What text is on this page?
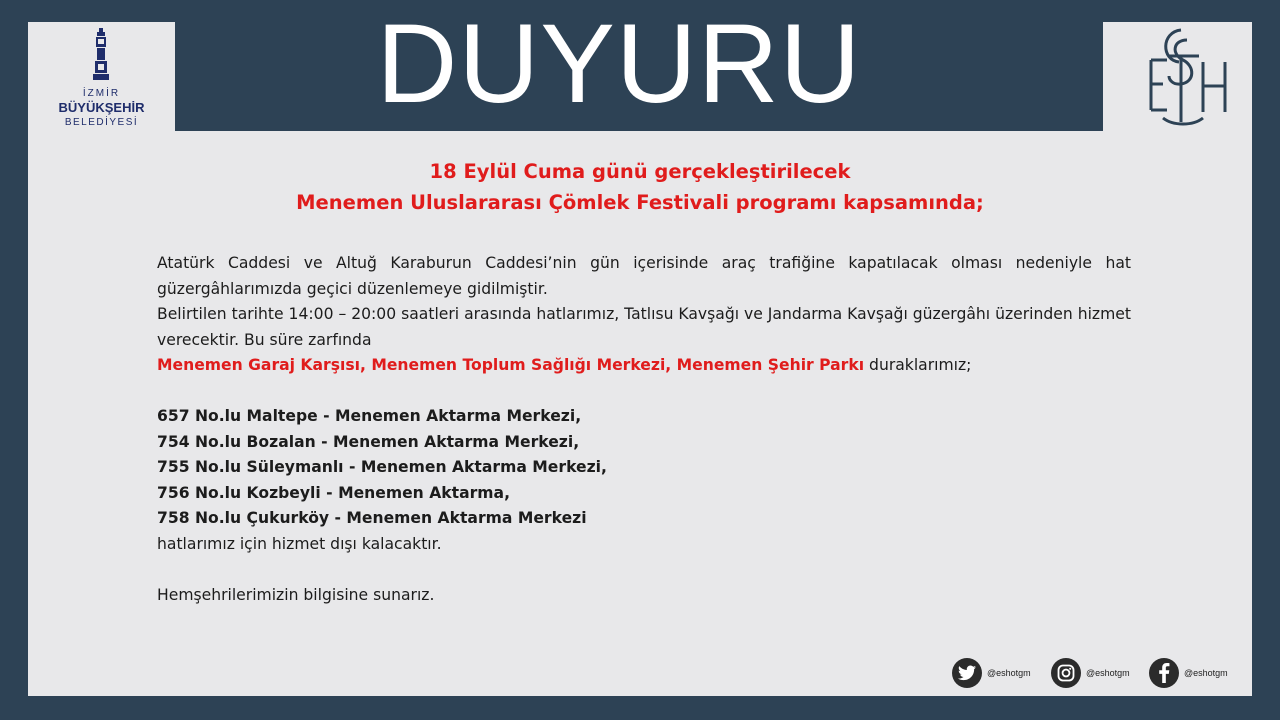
DUYURU
İZMİR
BÜYÜKŞEHİR
BELEDİYESİ
18 Eylül Cuma günü gerçekleştirilecek
Menemen Uluslararası Çömlek Festivali programı kapsamında;

Atatürk Caddesi ve Altuğ Karaburun Caddesi’nin gün içerisinde araç trafiğine kapatılacak olması nedeniyle hat güzergâhlarımızda geçici düzenlemeye gidilmiştir.

Belirtilen tarihte 14:00 – 20:00 saatleri arasında hatlarımız, Tatlısu Kavşağı ve Jandarma Kavşağı güzergâhı üzerinden hizmet verecektir. Bu süre zarfında

Menemen Garaj Karşısı, Menemen Toplum Sağlığı Merkezi, Menemen Şehir Parkı duraklarımız;

657 No.lu Maltepe - Menemen Aktarma Merkezi,

754 No.lu Bozalan - Menemen Aktarma Merkezi,

755 No.lu Süleymanlı - Menemen Aktarma Merkezi,

756 No.lu Kozbeyli - Menemen Aktarma,

758 No.lu Çukurköy - Menemen Aktarma Merkezi

hatlarımız için hizmet dışı kalacaktır.

Hemşehrilerimizin bilgisine sunarız.

@eshotgm	@eshotgm	@eshotgm
